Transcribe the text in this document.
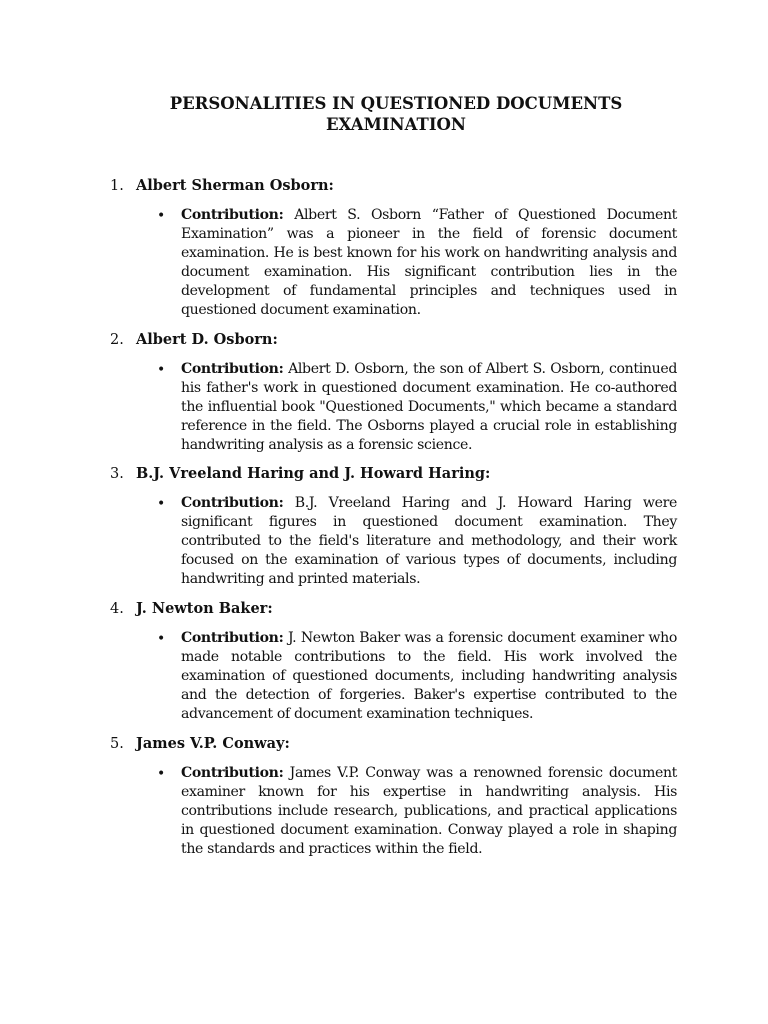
PERSONALITIES IN QUESTIONED DOCUMENTS
EXAMINATION
1. Albert Sherman Osborn:
• Contribution: Albert S. Osborn “Father of Questioned Document Examination” was a pioneer in the field of forensic document examination. He is best known for his work on handwriting analysis and document examination. His significant contribution lies in the development of fundamental principles and techniques used in questioned document examination.
2. Albert D. Osborn:
• Contribution: Albert D. Osborn, the son of Albert S. Osborn, continued his father's work in questioned document examination. He co-authored the influential book "Questioned Documents," which became a standard reference in the field. The Osborns played a crucial role in establishing handwriting analysis as a forensic science.
3. B.J. Vreeland Haring and J. Howard Haring:
• Contribution: B.J. Vreeland Haring and J. Howard Haring were significant figures in questioned document examination. They contributed to the field's literature and methodology, and their work focused on the examination of various types of documents, including handwriting and printed materials.
4. J. Newton Baker:
• Contribution: J. Newton Baker was a forensic document examiner who made notable contributions to the field. His work involved the examination of questioned documents, including handwriting analysis and the detection of forgeries. Baker's expertise contributed to the advancement of document examination techniques.
5. James V.P. Conway:
• Contribution: James V.P. Conway was a renowned forensic document examiner known for his expertise in handwriting analysis. His contributions include research, publications, and practical applications in questioned document examination. Conway played a role in shaping the standards and practices within the field.
